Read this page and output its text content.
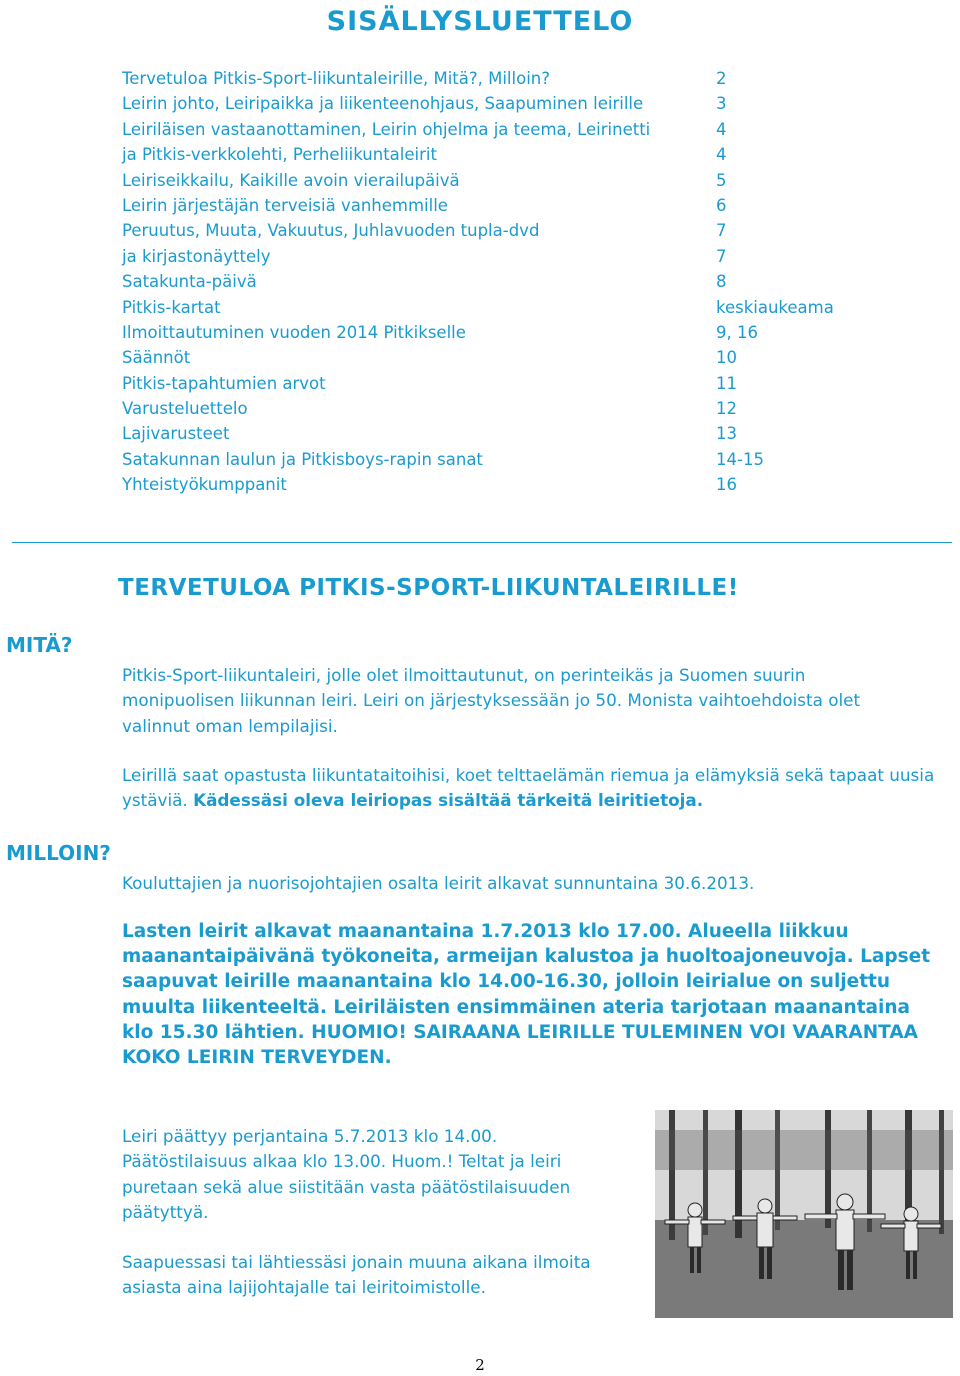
SISÄLLYSLUETTELO
Tervetuloa Pitkis-Sport-liikuntaleirille, Mitä?, Milloin?	2
Leirin johto, Leiripaikka ja liikenteenohjaus, Saapuminen leirille	3
Leiriläisen vastaanottaminen, Leirin ohjelma ja teema, Leirinetti	4
ja Pitkis-verkkolehti, Perheliikuntaleirit	4
Leiriseikkailu, Kaikille avoin vierailupäivä	5
Leirin järjestäjän terveisiä vanhemmille	6
Peruutus, Muuta, Vakuutus, Juhlavuoden tupla-dvd	7
ja kirjastonäyttely	7
Satakunta-päivä	8
Pitkis-kartat	keskiaukeama
Ilmoittautuminen vuoden 2014 Pitkikselle	9, 16
Säännöt	10
Pitkis-tapahtumien arvot	11
Varusteluettelo	12
Lajivarusteet	13
Satakunnan laulun ja Pitkisboys-rapin sanat	14-15
Yhteistyökumppanit	16
TERVETULOA PITKIS-SPORT-LIIKUNTALEIRILLE!
MITÄ?
Pitkis-Sport-liikuntaleiri, jolle olet ilmoittautunut, on perinteikäs ja Suomen suurin monipuolisen liikunnan leiri. Leiri on järjestyksessään jo 50. Monista vaihtoehdoista olet valinnut oman lempilajisi.
Leirillä saat opastusta liikuntataitoihisi, koet telttaelämän riemua ja elämyksiä sekä tapaat uusia ystäviä. Kädessäsi oleva leiriopas sisältää tärkeitä leiritietoja.
MILLOIN?
Kouluttajien ja nuorisojohtajien osalta leirit alkavat sunnuntaina 30.6.2013.
Lasten leirit alkavat maanantaina 1.7.2013 klo 17.00. Alueella liikkuu maanantaipäivänä työkoneita, armeijan kalustoa ja huoltoajoneuvoja. Lapset saapuvat leirille maanantaina klo 14.00-16.30, jolloin leirialue on suljettu muulta liikenteeltä. Leiriläisten ensimmäinen ateria tarjotaan maanantaina klo 15.30 lähtien. HUOMIO! SAIRAANA LEIRILLE TULEMINEN VOI VAARANTAA KOKO LEIRIN TERVEYDEN.
Leiri päättyy perjantaina 5.7.2013 klo 14.00. Päätöstilaisuus alkaa klo 13.00. Huom.! Teltat ja leiri puretaan sekä alue siistitään vasta päätöstilaisuuden päätyttyä.
Saapuessasi tai lähtiessäsi jonain muuna aikana ilmoita asiasta aina lajijohtajalle tai leiritoimistolle.
2
